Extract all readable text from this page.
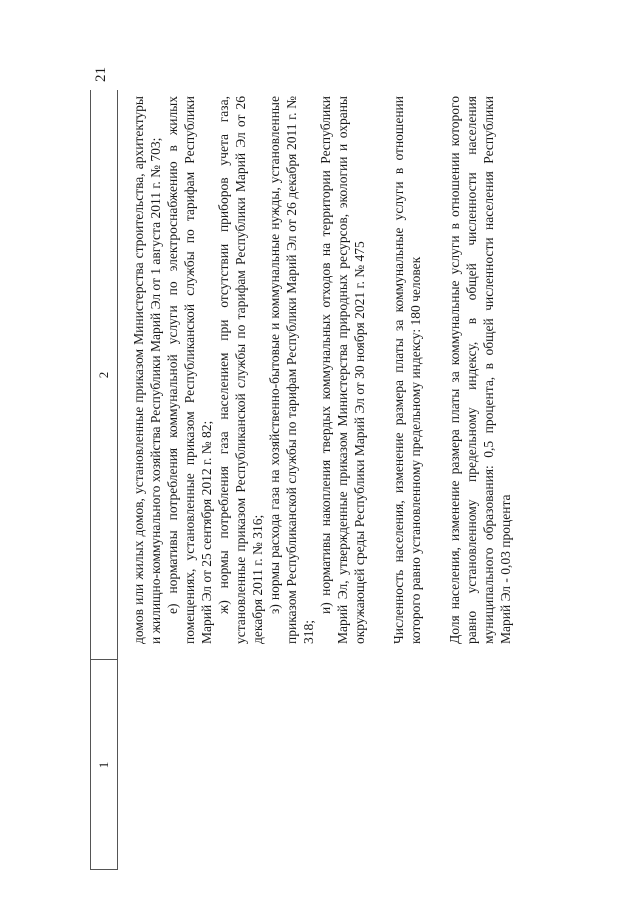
21
1
2	домов или жилых домов, установленные приказом Министерства строительства, архитектуры и жилищно-коммунального хозяйства Республики Марий Эл от 1 августа 2011 г. № 703; е) нормативы потребления коммунальной услуги по электроснабжению в жилых помещениях, установленные приказом Республиканской службы по тарифам Республики Марий Эл от 25 сентября 2012 г. № 82; ж) нормы потребления газа населением при отсутствии приборов учета газа, установленные приказом Республиканской службы по тарифам Республики Марий Эл от 26 декабря 2011 г. № 316; з) нормы расхода газа на хозяйственно-бытовые и коммунальные нужды, установленные приказом Республиканской службы по тарифам Республики Марий Эл от 26 декабря 2011 г. № 318;

и) нормативы накопления твердых коммунальных отходов на территории Республики Марий Эл, утвержденные приказом Министерства природных ресурсов, экологии и охраны окружающей среды Республики Марий Эл от 30 ноября 2021 г. № 475 Численность населения, изменение размера платы за коммунальные услуги в отношении которого равно установленному предельному индексу: 180 человек Доля населения, изменение размера платы за коммунальные услуги в отношении которого равно установленному предельному индексу, в общей численности населения муниципального образования: 0,5 процента, в общей численности населения Республики Марий Эл - 0,03 процента
